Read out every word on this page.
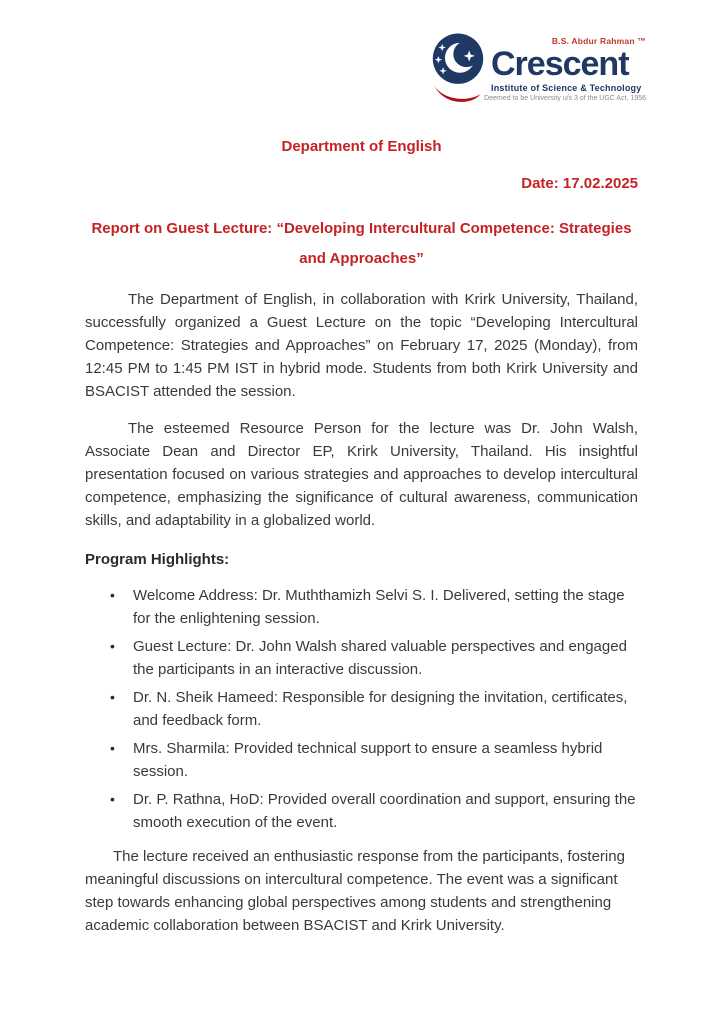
B.S. Abdur Rahman ™
Crescent
Institute of Science & Technology
Deemed to be University u/s 3 of the UGC Act, 1956
Department of English
Date: 17.02.2025
Report on Guest Lecture: “Developing Intercultural Competence: Strategies
and Approaches”

The Department of English, in collaboration with Krirk University, Thailand, successfully organized a Guest Lecture on the topic “Developing Intercultural Competence: Strategies and Approaches” on February 17, 2025 (Monday), from 12:45 PM to 1:45 PM IST in hybrid mode. Students from both Krirk University and BSACIST attended the session.

The esteemed Resource Person for the lecture was Dr. John Walsh, Associate Dean and Director EP, Krirk University, Thailand. His insightful presentation focused on various strategies and approaches to develop intercultural competence, emphasizing the significance of cultural awareness, communication skills, and adaptability in a globalized world.

Program Highlights:
• Welcome Address: Dr. Muththamizh Selvi S. I. Delivered, setting the stage for the enlightening session.
• Guest Lecture: Dr. John Walsh shared valuable perspectives and engaged the participants in an interactive discussion.
• Dr. N. Sheik Hameed: Responsible for designing the invitation, certificates, and feedback form.
• Mrs. Sharmila: Provided technical support to ensure a seamless hybrid session.
• Dr. P. Rathna, HoD: Provided overall coordination and support, ensuring the smooth execution of the event.

The lecture received an enthusiastic response from the participants, fostering meaningful discussions on intercultural competence. The event was a significant step towards enhancing global perspectives among students and strengthening academic collaboration between BSACIST and Krirk University.
